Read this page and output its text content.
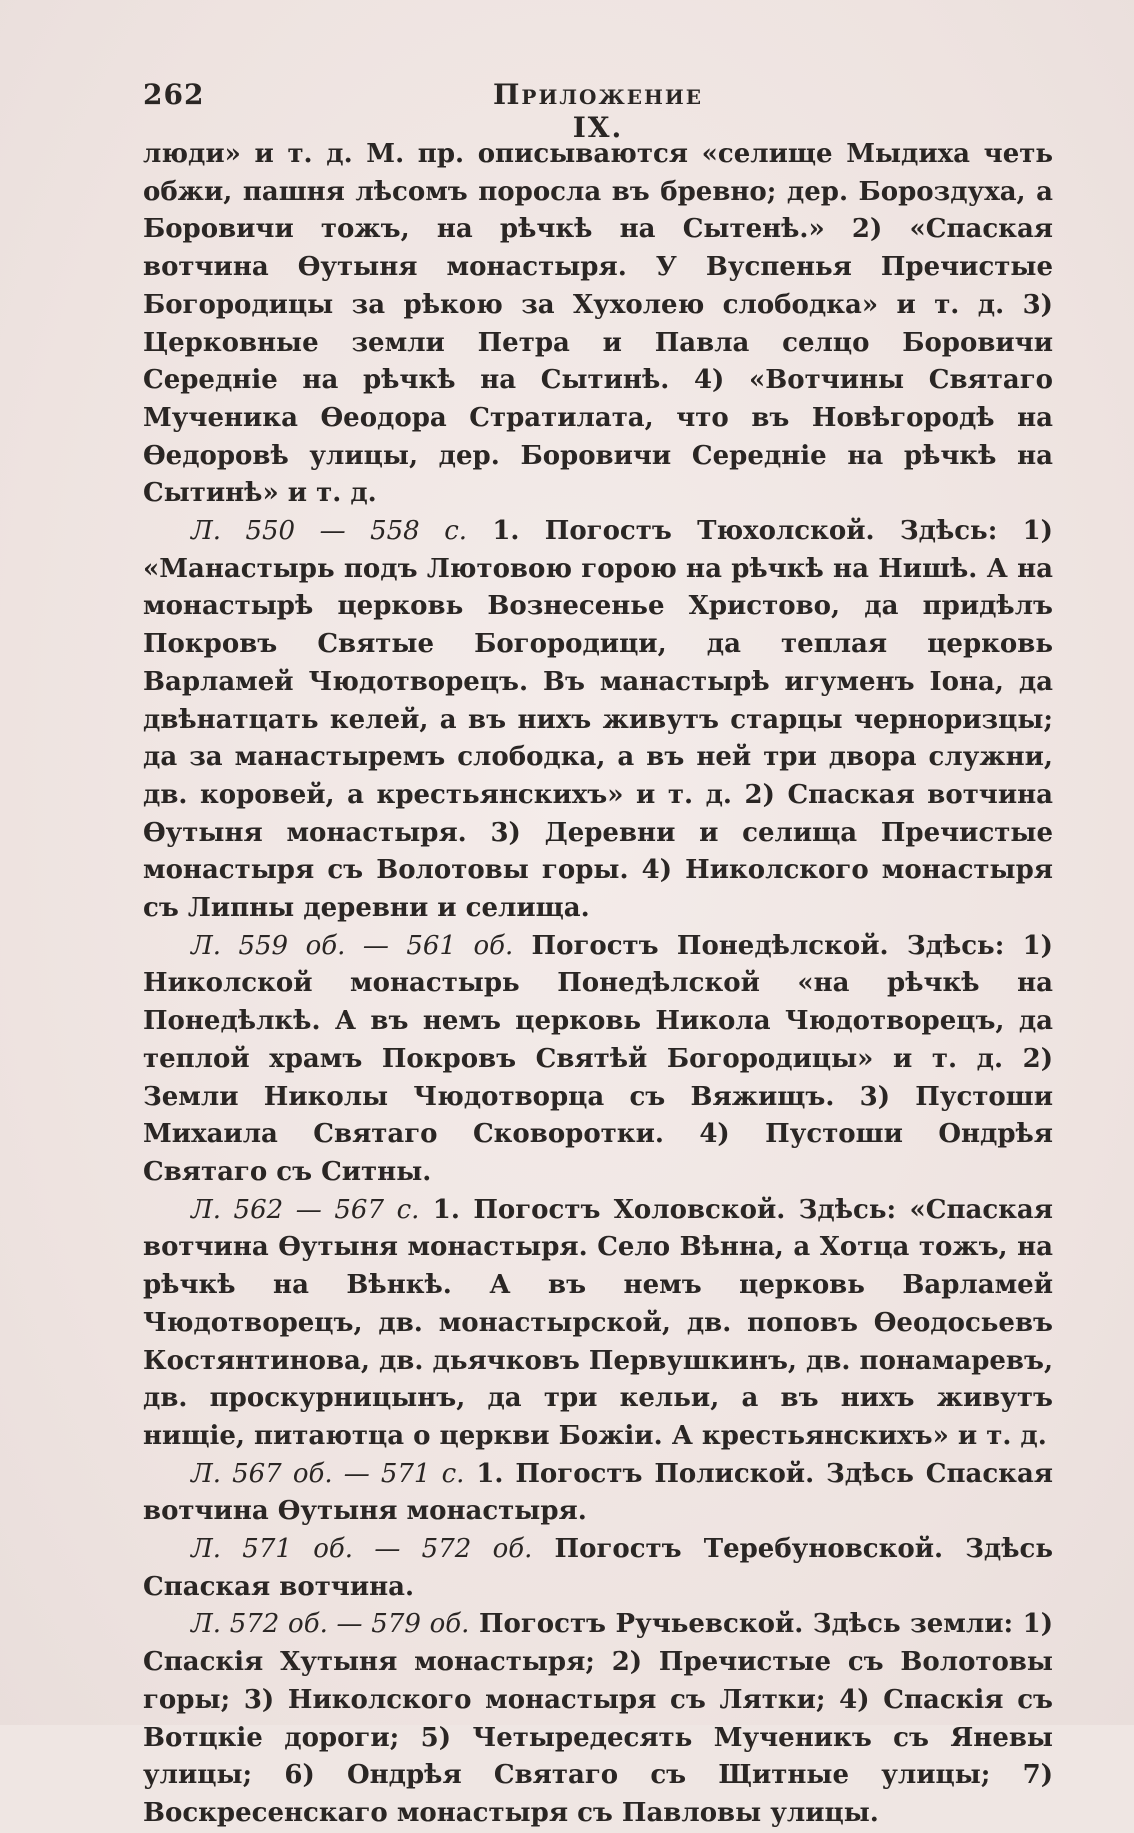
262	Приложение IX.

люди» и т. д. М. пр. описываются «селище Мыдиха четь обжи, пашня лѣсомъ поросла въ бревно; дер. Бороздуха, а Боровичи тожъ, на рѣчкѣ на Сытенѣ.» 2) «Спаская вотчина Ѳутыня монастыря. У Вуспенья Пречистые Богородицы за рѣкою за Хухолею слободка» и т. д. 3) Церковные земли Петра и Павла селцо Боровичи Середніе на рѣчкѣ на Сытинѣ. 4) «Вотчины Святаго Мученика Ѳеодора Стратилата, что въ Новѣгородѣ на Ѳедоровѣ улицы, дер. Боровичи Середніе на рѣчкѣ на Сытинѣ» и т. д.

Л. 550 — 558 с. 1. Погостъ Тюхолской. Здѣсь: 1) «Манастырь подъ Лютовою горою на рѣчкѣ на Нишѣ. А на монастырѣ церковь Вознесенье Христово, да придѣлъ Покровъ Святые Богородици, да теплая церковь Варламей Чюдотворецъ. Въ манастырѣ игуменъ Іона, да двѣнатцать келей, а въ нихъ живутъ старцы черноризцы; да за манастыремъ слободка, а въ ней три двора служни, дв. коровей, а крестьянскихъ» и т. д. 2) Спаская вотчина Ѳутыня монастыря. 3) Деревни и селища Пречистые монастыря съ Волотовы горы. 4) Николского монастыря съ Липны деревни и селища.

Л. 559 об. — 561 об. Погостъ Понедѣлской. Здѣсь: 1) Николской монастырь Понедѣлской «на рѣчкѣ на Понедѣлкѣ. А въ немъ церковь Никола Чюдотворецъ, да теплой храмъ Покровъ Святѣй Богородицы» и т. д. 2) Земли Николы Чюдотворца съ Вяжищъ. 3) Пустоши Михаила Святаго Сковоротки. 4) Пустоши Ондрѣя Святаго съ Ситны.

Л. 562 — 567 с. 1. Погостъ Холовской. Здѣсь: «Спаская вотчина Ѳутыня монастыря. Село Вѣнна, а Хотца тожъ, на рѣчкѣ на Вѣнкѣ. А въ немъ церковь Варламей Чюдотворецъ, дв. монастырской, дв. поповъ Ѳеодосьевъ Костянтинова, дв. дьячковъ Первушкинъ, дв. понамаревъ, дв. проскурницынъ, да три кельи, а въ нихъ живутъ нищіе, питаютца о церкви Божіи. А крестьянскихъ» и т. д.

Л. 567 об. — 571 с. 1. Погостъ Полиской. Здѣсь Спаская вотчина Ѳутыня монастыря.

Л. 571 об. — 572 об. Погостъ Теребуновской. Здѣсь Спаская вотчина.

Л. 572 об. — 579 об. Погостъ Ручьевской. Здѣсь земли: 1) Спаскія Хутыня монастыря; 2) Пречистые съ Волотовы горы; 3) Николского монастыря съ Лятки; 4) Спаскія съ Вотцкіе дороги; 5) Четыредесять Мученикъ съ Яневы улицы; 6) Ондрѣя Святаго съ Щитные улицы; 7) Воскресенскаго монастыря съ Павловы улицы.
